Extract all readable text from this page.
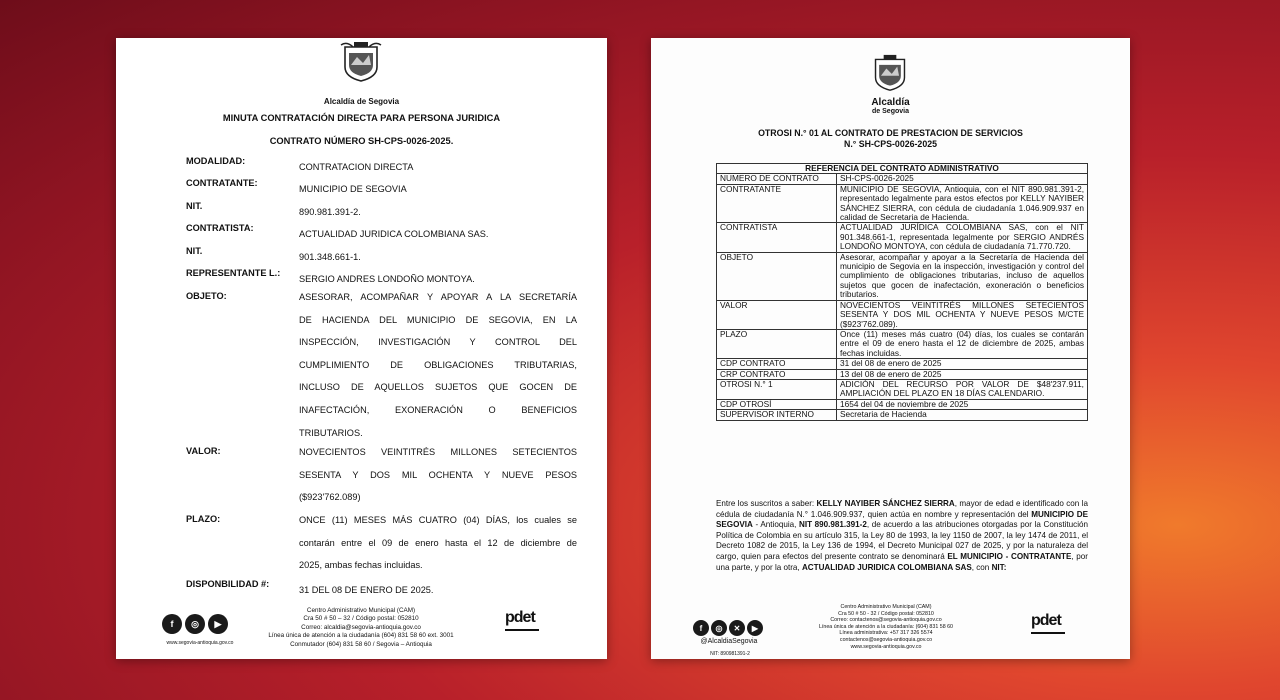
Alcaldía de Segovia
MINUTA CONTRATACIÓN DIRECTA PARA PERSONA JURIDICA
CONTRATO NÚMERO SH-CPS-0026-2025.
MODALIDAD:
CONTRATACION DIRECTA
CONTRATANTE:
MUNICIPIO DE SEGOVIA
NIT.
890.981.391-2.
CONTRATISTA:
ACTUALIDAD JURIDICA COLOMBIANA SAS.
NIT.
901.348.661-1.
REPRESENTANTE L.:
SERGIO ANDRES LONDOÑO MONTOYA.
OBJETO:	ASESORAR, ACOMPAÑAR Y APOYAR A LA SECRETARÍA
DE HACIENDA DEL MUNICIPIO DE SEGOVIA, EN LA
INSPECCIÓN, INVESTIGACIÓN Y CONTROL DEL
CUMPLIMIENTO DE OBLIGACIONES TRIBUTARIAS,
INCLUSO DE AQUELLOS SUJETOS QUE GOCEN DE
INAFECTACIÓN, EXONERACIÓN O BENEFICIOS
TRIBUTARIOS.
VALOR:	NOVECIENTOS VEINTITRÉS MILLONES SETECIENTOS
SESENTA Y DOS MIL OCHENTA Y NUEVE PESOS
($923'762.089)
PLAZO:	ONCE (11) MESES MÁS CUATRO (04) DÍAS, los cuales se
contarán entre el 09 de enero hasta el 12 de diciembre de
2025, ambas fechas incluidas.
DISPONBILIDAD #:
31 DEL 08 DE ENERO DE 2025.
f	◎	▶
www.segovia-antioquia.gov.co
Centro Administrativo Municipal (CAM)
Cra 50 # 50 – 32 / Código postal: 052810
Correo: alcaldia@segovia-antioquia.gov.co
Línea única de atención a la ciudadanía (604) 831 58 60 ext. 3001
Conmutador (604) 831 58 60 / Segovia – Antioquia
pdet
Alcaldía
de Segovia
OTROSI N.° 01 AL CONTRATO DE PRESTACION DE SERVICIOS
N.° SH-CPS-0026-2025
REFERENCIA DEL CONTRATO ADMINISTRATIVO	
NUMERO DE CONTRATO	SH-CPS-0026-2025
CONTRATANTE	MUNICIPIO DE SEGOVIA, Antioquia, con el NIT 890.981.391-2, representado legalmente para estos efectos por KELLY NAYIBER SÁNCHEZ SIERRA, con cédula de ciudadanía 1.046.909.937 en calidad de Secretaria de Hacienda.
CONTRATISTA	ACTUALIDAD JURÍDICA COLOMBIANA SAS, con el NIT 901.348.661-1, representada legalmente por SERGIO ANDRÉS LONDOÑO MONTOYA, con cédula de ciudadanía 71.770.720.
OBJETO	Asesorar, acompañar y apoyar a la Secretaría de Hacienda del municipio de Segovia en la inspección, investigación y control del cumplimiento de obligaciones tributarias, incluso de aquellos sujetos que gocen de inafectación, exoneración o beneficios tributarios.
VALOR	NOVECIENTOS VEINTITRÉS MILLONES SETECIENTOS SESENTA Y DOS MIL OCHENTA Y NUEVE PESOS M/CTE ($923'762.089).
PLAZO	Once (11) meses más cuatro (04) días, los cuales se contarán entre el 09 de enero hasta el 12 de diciembre de 2025, ambas fechas incluidas.
CDP CONTRATO	31 del 08 de enero de 2025
CRP CONTRATO	13 del 08 de enero de 2025
OTROSI N.° 1	ADICIÓN DEL RECURSO POR VALOR DE $48'237.911, AMPLIACIÓN DEL PLAZO EN 18 DÍAS CALENDARIO.
CDP OTROSÍ	1654 del 04 de noviembre de 2025
SUPERVISOR INTERNO	Secretaria de Hacienda
Entre los suscritos a saber: KELLY NAYIBER SÁNCHEZ SIERRA, mayor de edad e identificado con la cédula de ciudadanía N.° 1.046.909.937, quien actúa en nombre y representación del MUNICIPIO DE SEGOVIA - Antioquia, NIT 890.981.391-2, de acuerdo a las atribuciones otorgadas por la Constitución Política de Colombia en su artículo 315, la Ley 80 de 1993, la ley 1150 de 2007, la ley 1474 de 2011, el Decreto 1082 de 2015, la Ley 136 de 1994, el Decreto Municipal 027 de 2025, y por la naturaleza del cargo, quien para efectos del presente contrato se denominará EL MUNICIPIO - CONTRATANTE, por una parte, y por la otra, ACTUALIDAD JURIDICA COLOMBIANA SAS, con NIT:
f	◎	✕	▶
@AlcaldiaSegovia
NIT: 890981391-2
Centro Administrativo Municipal (CAM)
Cra 50 # 50 - 32 / Código postal: 052810
Correo: contactenos@segovia-antioquia.gov.co
Línea única de atención a la ciudadanía: (604) 831 58 60
Línea administrativa: +57 317 326 5574
contactenos@segovia-antioquia.gov.co
www.segovia-antioquia.gov.co
pdet
